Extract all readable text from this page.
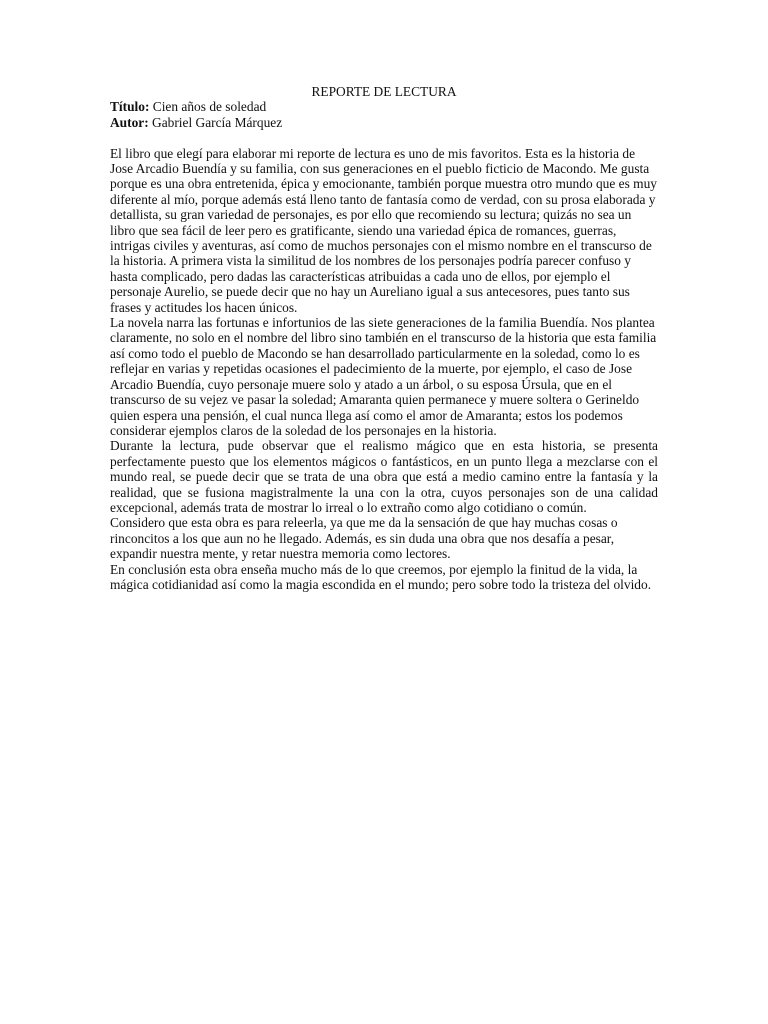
REPORTE DE LECTURA

Título: Cien años de soledad

Autor: Gabriel García Márquez

El libro que elegí para elaborar mi reporte de lectura es uno de mis favoritos. Esta es la historia de Jose Arcadio Buendía y su familia, con sus generaciones en el pueblo ficticio de Macondo. Me gusta porque es una obra entretenida, épica y emocionante, también porque muestra otro mundo que es muy diferente al mío, porque además está lleno tanto de fantasía como de verdad, con su prosa elaborada y detallista, su gran variedad de personajes, es por ello que recomiendo su lectura; quizás no sea un libro que sea fácil de leer pero es gratificante, siendo una variedad épica de romances, guerras, intrigas civiles y aventuras, así como de muchos personajes con el mismo nombre en el transcurso de la historia. A primera vista la similitud de los nombres de los personajes podría parecer confuso y hasta complicado, pero dadas las características atribuidas a cada uno de ellos, por ejemplo el personaje Aurelio, se puede decir que no hay un Aureliano igual a sus antecesores, pues tanto sus frases y actitudes los hacen únicos.

La novela narra las fortunas e infortunios de las siete generaciones de la familia Buendía. Nos plantea claramente, no solo en el nombre del libro sino también en el transcurso de la historia que esta familia así como todo el pueblo de Macondo se han desarrollado particularmente en la soledad, como lo es reflejar en varias y repetidas ocasiones el padecimiento de la muerte, por ejemplo, el caso de Jose Arcadio Buendía, cuyo personaje muere solo y atado a un árbol, o su esposa Úrsula, que en el transcurso de su vejez ve pasar la soledad; Amaranta quien permanece y muere soltera o Gerineldo quien espera una pensión, el cual nunca llega así como el amor de Amaranta; estos los podemos considerar ejemplos claros de la soledad de los personajes en la historia.

Durante la lectura, pude observar que el realismo mágico que en esta historia, se presenta perfectamente puesto que los elementos mágicos o fantásticos, en un punto llega a mezclarse con el mundo real, se puede decir que se trata de una obra que está a medio camino entre la fantasía y la realidad, que se fusiona magistralmente la una con la otra, cuyos personajes son de una calidad excepcional, además trata de mostrar lo irreal o lo extraño como algo cotidiano o común.

Considero que esta obra es para releerla, ya que me da la sensación de que hay muchas cosas o rinconcitos a los que aun no he llegado. Además, es sin duda una obra que nos desafía a pesar, expandir nuestra mente, y retar nuestra memoria como lectores.

En conclusión esta obra enseña mucho más de lo que creemos, por ejemplo la finitud de la vida, la mágica cotidianidad así como la magia escondida en el mundo; pero sobre todo la tristeza del olvido.
